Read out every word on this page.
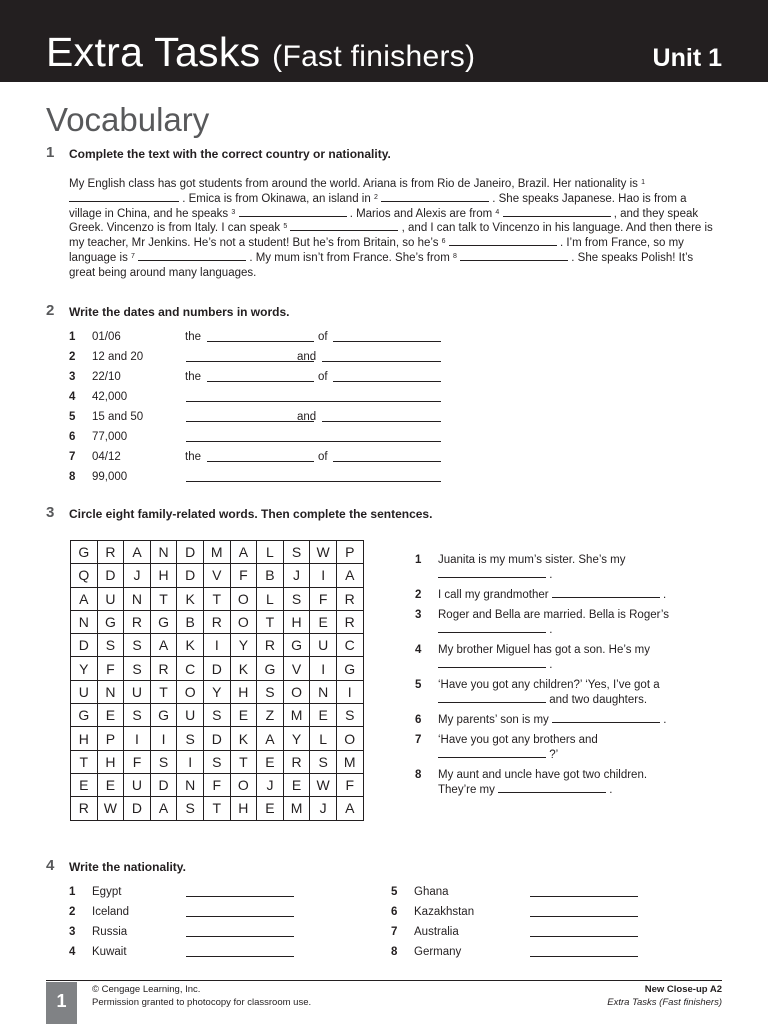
Extra Tasks (Fast finishers)	Unit 1
Vocabulary
1 Complete the text with the correct country or nationality.
My English class has got students from around the world. Ariana is from Rio de Janeiro, Brazil. Her nationality is $^1$  . Emica is from Okinawa, an island in $^2$	. She speaks Japanese. Hao is from a village in China, and he speaks $^3$	. Marios and Alexis are from $^4$	, and they speak Greek. Vincenzo is from Italy. I can speak $^5$	, and I can talk to Vincenzo in his language. And then there is my teacher, Mr Jenkins. He’s not a student! But he’s from Britain, so he’s $^6$	. I’m from France, so my language is $^7$	. My mum isn’t from France. She’s from $^8$	. She speaks Polish! It’s great being around many languages.
2 Write the dates and numbers in words.
1 01/06	the	of
2 12 and 20	and
3 22/10	the	of
4 42,000
5 15 and 50	and
6 77,000
7 04/12	the	of
8 99,000
3 Circle eight family-related words. Then complete the sentences.
G	R	A	N	D	M	A	L	S	W	P
Q	D	J	H	D	V	F	B	J	I	A
A	U	N	T	K	T	O	L	S	F	R
N	G	R	G	B	R	O	T	H	E	R
D	S	S	A	K	I	Y	R	G	U	C
Y	F	S	R	C	D	K	G	V	I	G
U	N	U	T	O	Y	H	S	O	N	I
G	E	S	G	U	S	E	Z	M	E	S
H	P	I	I	S	D	K	A	Y	L	O
T	H	F	S	I	S	T	E	R	S	M
E	E	U	D	N	F	O	J	E	W	F
R	W	D	A	S	T	H	E	M	J	A
1 Juanita is my mum’s sister. She’s my
.
2 I call my grandmother	.
3 Roger and Bella are married. Bella is Roger’s
.
4 My brother Miguel has got a son. He’s my
.
5 ‘Have you got any children?’ ‘Yes, I’ve got a
and two daughters.
6 My parents’ son is my	.
7 ‘Have you got any brothers and
?’
8 My aunt and uncle have got two children.
They’re my	.
4 Write the nationality.
1 Egypt
2 Iceland
3 Russia
4 Kuwait
5 Ghana
6 Kazakhstan
7 Australia
8 Germany
1
© Cengage Learning, Inc.
Permission granted to photocopy for classroom use.
New Close-up A2
Extra Tasks (Fast finishers)
